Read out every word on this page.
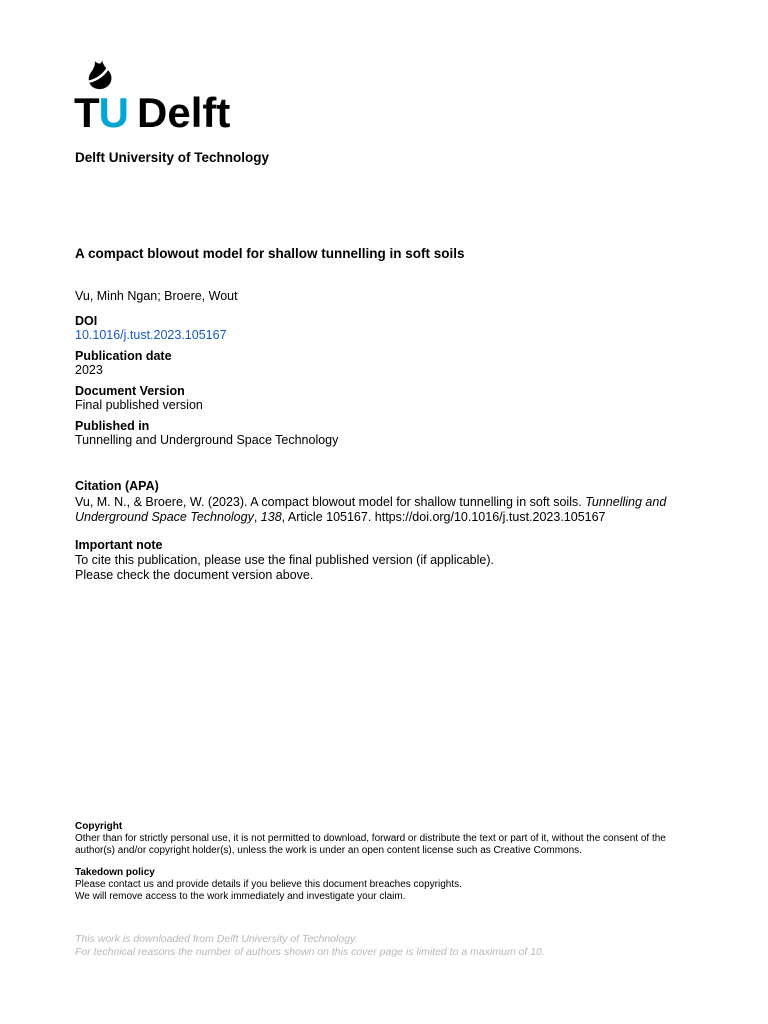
T U Delft
Delft University of Technology
A compact blowout model for shallow tunnelling in soft soils
Vu, Minh Ngan; Broere, Wout
DOI
10.1016/j.tust.2023.105167
Publication date
2023
Document Version
Final published version
Published in
Tunnelling and Underground Space Technology
Citation (APA)
Vu, M. N., & Broere, W. (2023). A compact blowout model for shallow tunnelling in soft soils. Tunnelling and Underground Space Technology, 138, Article 105167. https://doi.org/10.1016/j.tust.2023.105167
Important note
To cite this publication, please use the final published version (if applicable).
Please check the document version above.
Copyright
Other than for strictly personal use, it is not permitted to download, forward or distribute the text or part of it, without the consent of the author(s) and/or copyright holder(s), unless the work is under an open content license such as Creative Commons.
Takedown policy
Please contact us and provide details if you believe this document breaches copyrights.
We will remove access to the work immediately and investigate your claim.
This work is downloaded from Delft University of Technology.
For technical reasons the number of authors shown on this cover page is limited to a maximum of 10.
